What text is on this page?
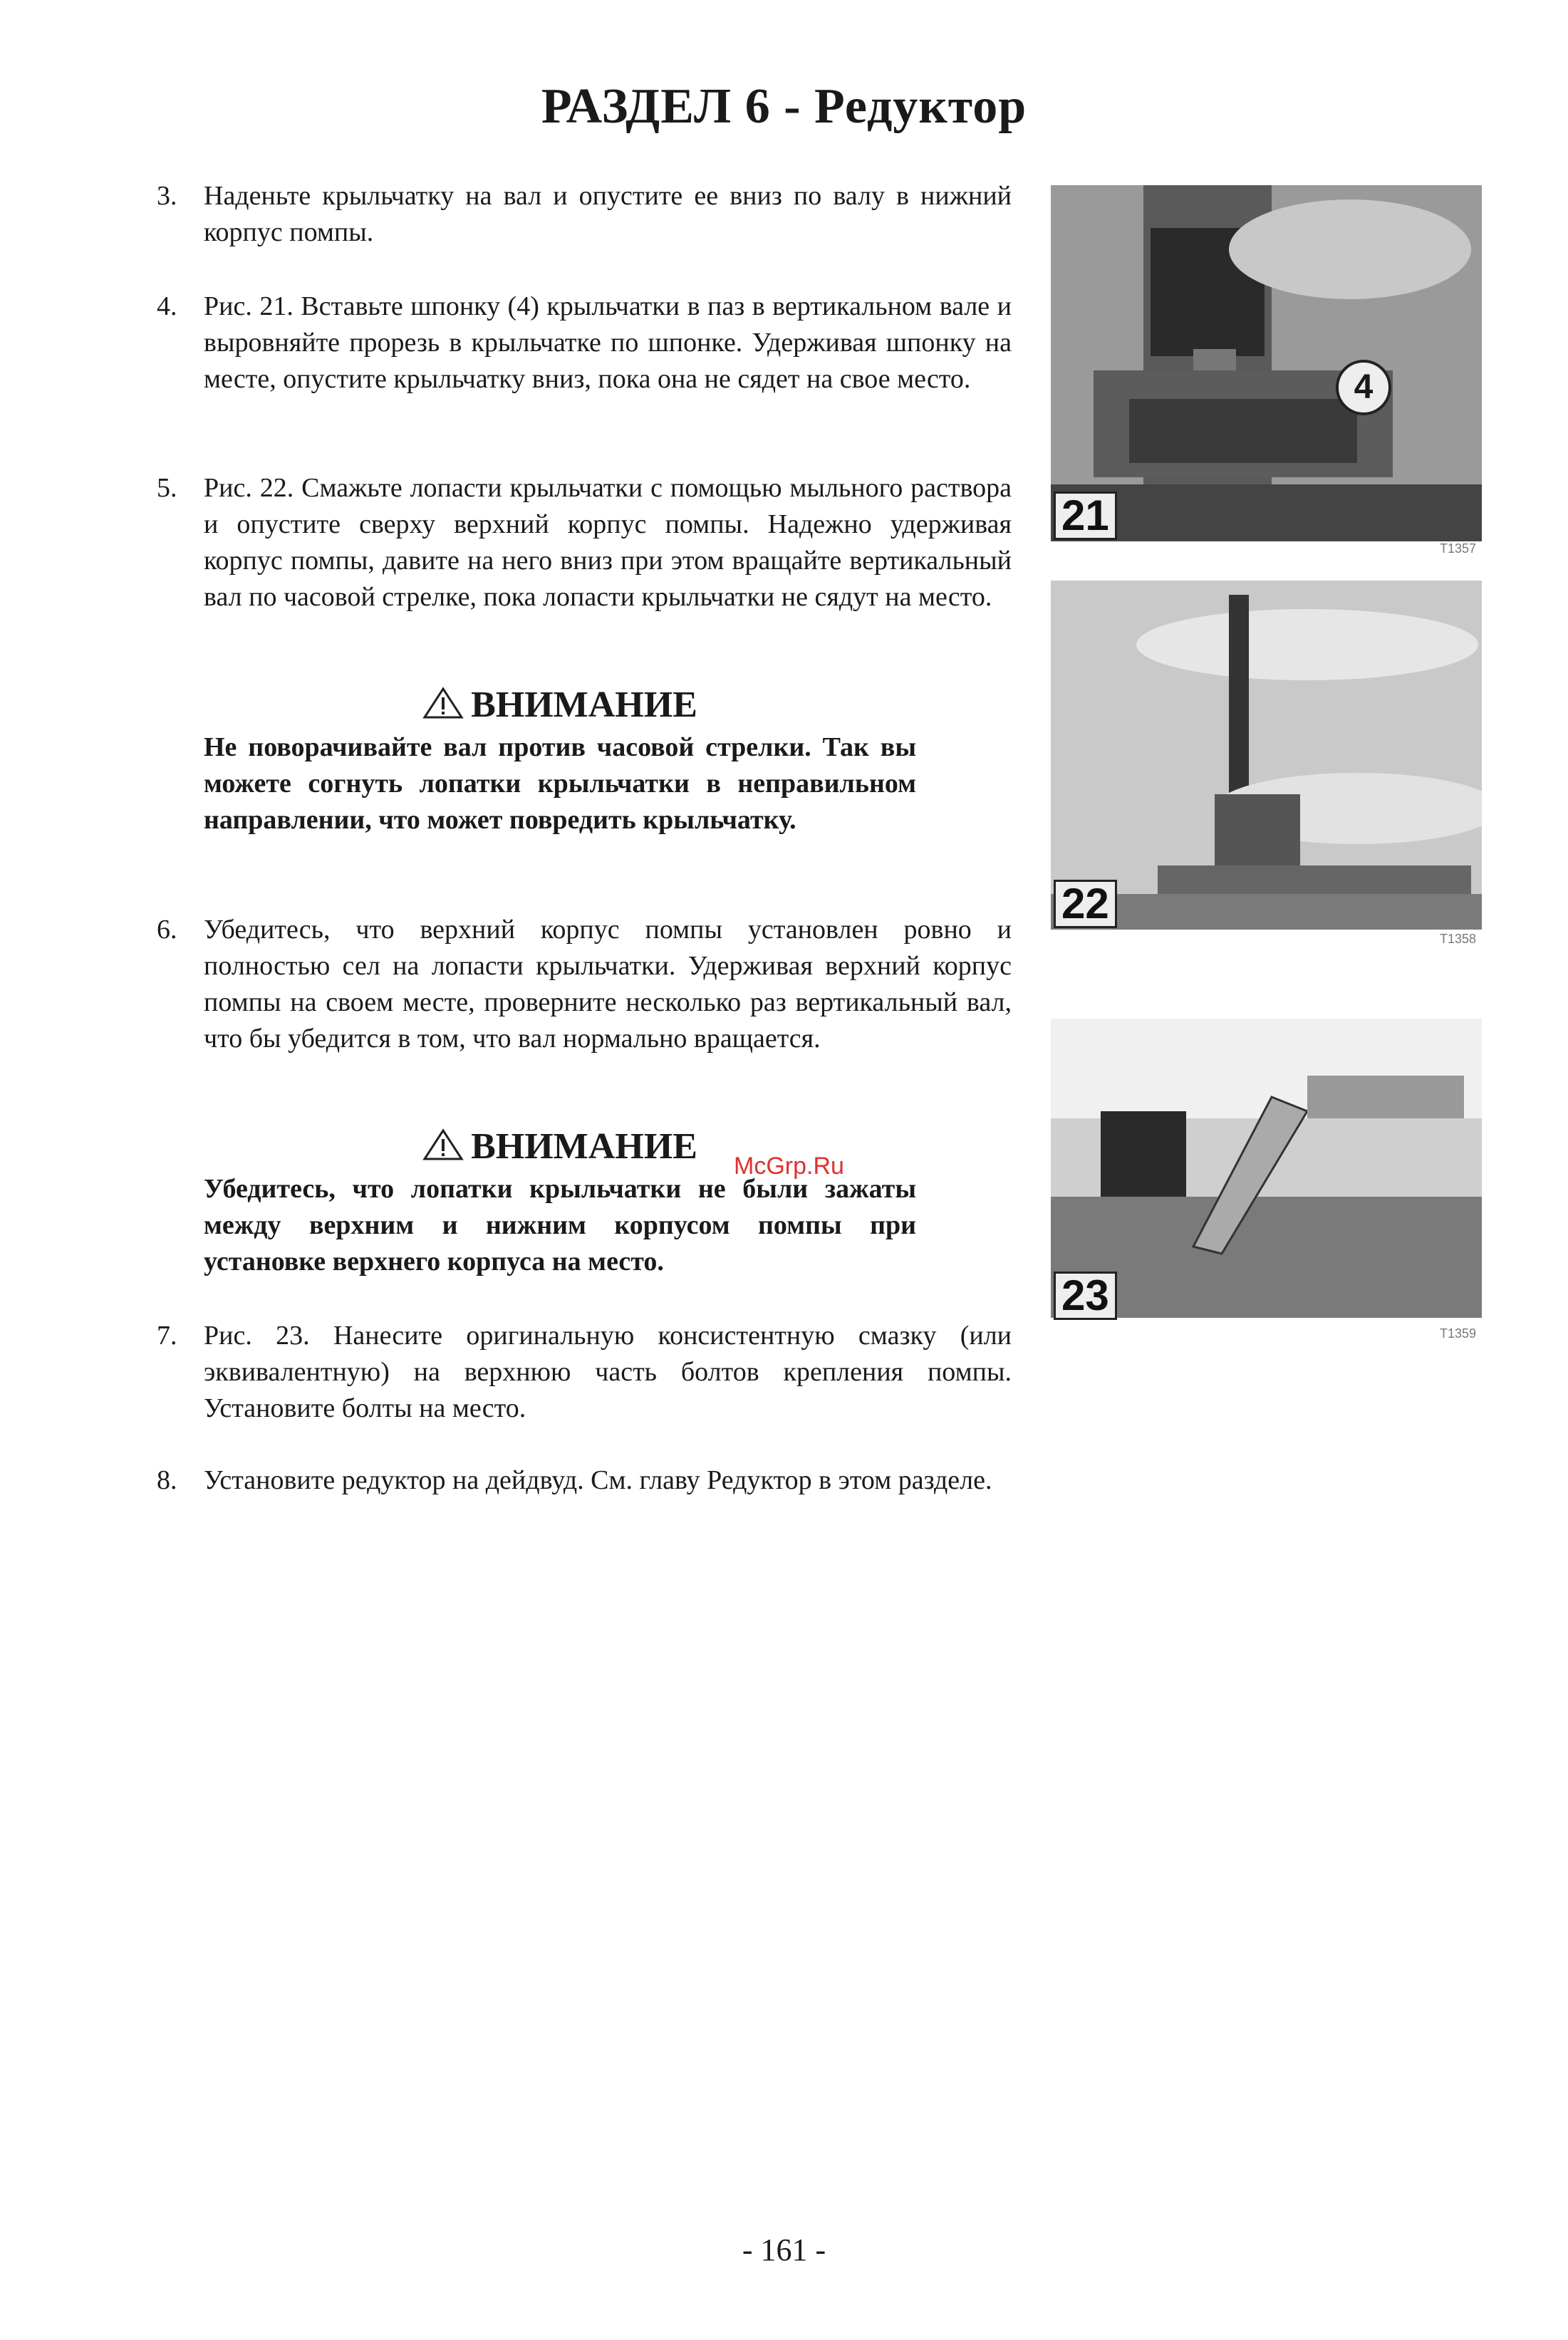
РАЗДЕЛ 6 - Редуктор
3. Наденьте крыльчатку на вал и опустите ее вниз по валу в нижний корпус помпы.
4. Рис. 21. Вставьте шпонку (4) крыльчатки в паз в вертикальном вале и выровняйте прорезь в крыльчатке по шпонке. Удерживая шпонку на месте, опустите крыльчатку вниз, пока она не сядет на свое место.
5. Рис. 22. Смажьте лопасти крыльчатки с помощью мыльного раствора и опустите сверху верхний корпус помпы. Надежно удерживая корпус помпы, давите на него вниз при этом вращайте вертикальный вал по часовой стрелке, пока лопасти крыльчатки не сядут на место.
ВНИМАНИЕ
Не поворачивайте вал против часовой стрелки. Так вы можете согнуть лопатки крыльчатки в неправильном направлении, что может повредить крыльчатку.
6. Убедитесь, что верхний корпус помпы установлен ровно и полностью сел на лопасти крыльчатки. Удерживая верхний корпус помпы на своем месте, проверните несколько раз вертикальный вал, что бы убедится в том, что вал нормально вращается.
ВНИМАНИЕ
Убедитесь, что лопатки крыльчатки не были зажаты между верхним и нижним корпусом помпы при установке верхнего корпуса на место.
7. Рис. 23. Нанесите оригинальную консистентную смазку (или эквивалентную) на верхнюю часть болтов крепления помпы. Установите болты на место.
8. Установите редуктор на дейдвуд. См. главу Редуктор в этом разделе.
4
21
T1357
22
T1358
23
T1359
McGrp.Ru
- 161 -
